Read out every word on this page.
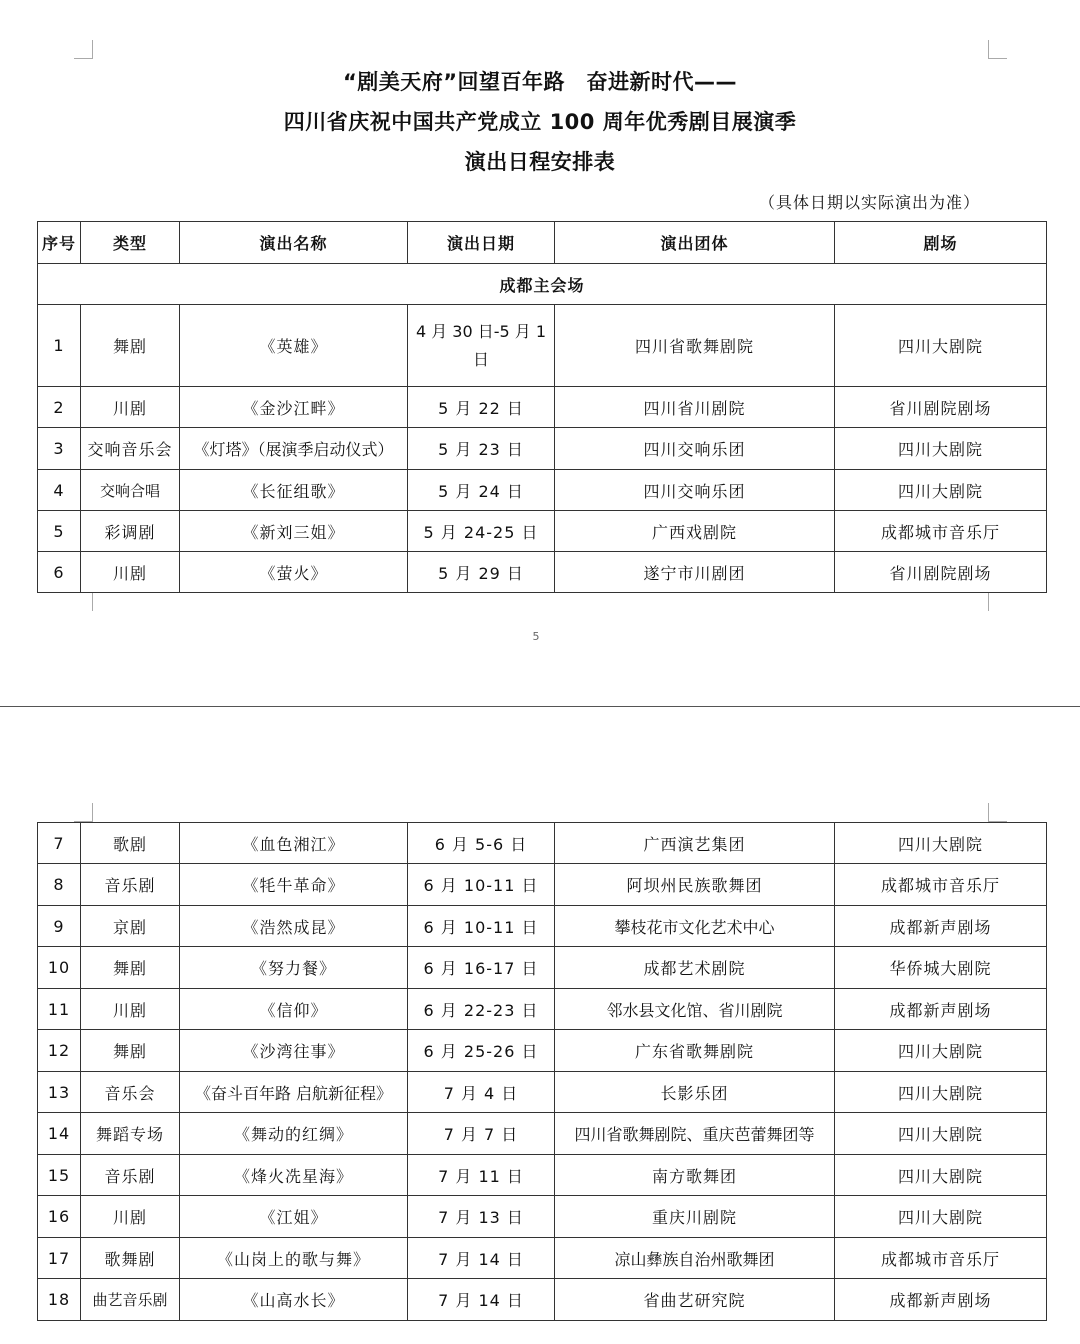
“剧美天府”回望百年路　奋进新时代——
四川省庆祝中国共产党成立 100 周年优秀剧目展演季
演出日程安排表
（具体日期以实际演出为准）
序号	类型	演出名称	演出日期	演出团体	剧场
成都主会场					
1	舞剧	《英雄》	4 月 30 日-5 月 1 日	四川省歌舞剧院	四川大剧院
2	川剧	《金沙江畔》	5 月 22 日	四川省川剧院	省川剧院剧场
3	交响音乐会	《灯塔》（展演季启动仪式）	5 月 23 日	四川交响乐团	四川大剧院
4	交响合唱	《长征组歌》	5 月 24 日	四川交响乐团	四川大剧院
5	彩调剧	《新刘三姐》	5 月 24-25 日	广西戏剧院	成都城市音乐厅
6	川剧	《萤火》	5 月 29 日	遂宁市川剧团	省川剧院剧场
5
7	歌剧	《血色湘江》	6 月 5-6 日	广西演艺集团	四川大剧院
8	音乐剧	《牦牛革命》	6 月 10-11 日	阿坝州民族歌舞团	成都城市音乐厅
9	京剧	《浩然成昆》	6 月 10-11 日	攀枝花市文化艺术中心	成都新声剧场
10	舞剧	《努力餐》	6 月 16-17 日	成都艺术剧院	华侨城大剧院
11	川剧	《信仰》	6 月 22-23 日	邻水县文化馆、省川剧院	成都新声剧场
12	舞剧	《沙湾往事》	6 月 25-26 日	广东省歌舞剧院	四川大剧院
13	音乐会	《奋斗百年路 启航新征程》	7 月 4 日	长影乐团	四川大剧院
14	舞蹈专场	《舞动的红绸》	7 月 7 日	四川省歌舞剧院、重庆芭蕾舞团等	四川大剧院
15	音乐剧	《烽火冼星海》	7 月 11 日	南方歌舞团	四川大剧院
16	川剧	《江姐》	7 月 13 日	重庆川剧院	四川大剧院
17	歌舞剧	《山岗上的歌与舞》	7 月 14 日	凉山彝族自治州歌舞团	成都城市音乐厅
18	曲艺音乐剧	《山高水长》	7 月 14 日	省曲艺研究院	成都新声剧场
